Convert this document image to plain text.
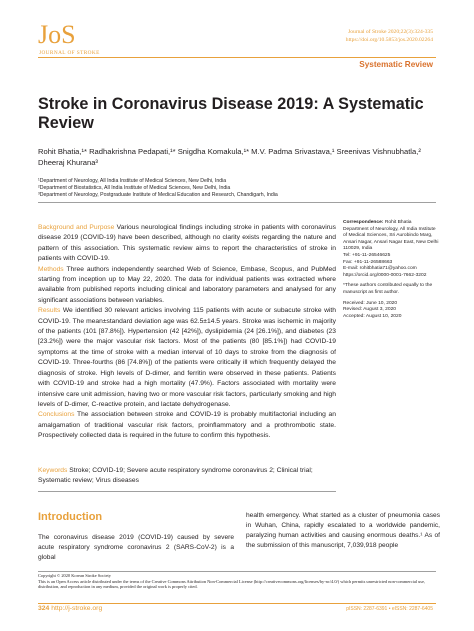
JoS
JOURNAL OF STROKE
Journal of Stroke 2020;22(3):324-335
https://doi.org/10.5853/jos.2020.02264
Systematic Review
Stroke in Coronavirus Disease 2019: A Systematic Review
Rohit Bhatia,¹* Radhakrishna Pedapati,¹* Snigdha Komakula,¹* M.V. Padma Srivastava,¹ Sreenivas Vishnubhatla,² Dheeraj Khurana³
¹Department of Neurology, All India Institute of Medical Sciences, New Delhi, India
²Department of Biostatistics, All India Institute of Medical Sciences, New Delhi, India
³Department of Neurology, Postgraduate Institute of Medical Education and Research, Chandigarh, India

Background and Purpose Various neurological findings including stroke in patients with coronavirus disease 2019 (COVID-19) have been described, although no clarity exists regarding the nature and pattern of this association. This systematic review aims to report the characteristics of stroke in patients with COVID-19.

Methods Three authors independently searched Web of Science, Embase, Scopus, and PubMed starting from inception up to May 22, 2020. The data for individual patients was extracted where available from published reports including clinical and laboratory parameters and analysed for any significant associations between variables.

Results We identified 30 relevant articles involving 115 patients with acute or subacute stroke with COVID-19. The mean±standard deviation age was 62.5±14.5 years. Stroke was ischemic in majority of the patients (101 [87.8%]). Hypertension (42 [42%]), dyslipidemia (24 [26.1%]), and diabetes (23 [23.2%]) were the major vascular risk factors. Most of the patients (80 [85.1%]) had COVID-19 symptoms at the time of stroke with a median interval of 10 days to stroke from the diagnosis of COVID-19. Three-fourths (86 [74.8%]) of the patients were critically ill which frequently delayed the diagnosis of stroke. High levels of D-dimer, and ferritin were observed in these patients. Patients with COVID-19 and stroke had a high mortality (47.9%). Factors associated with mortality were intensive care unit admission, having two or more vascular risk factors, particularly smoking and high levels of D-dimer, C-reactive protein, and lactate dehydrogenase.

Conclusions The association between stroke and COVID-19 is probably multifactorial including an amalgamation of traditional vascular risk factors, proinflammatory and a prothrombotic state. Prospectively collected data is required in the future to confirm this hypothesis.

Keywords Stroke; COVID-19; Severe acute respiratory syndrome coronavirus 2; Clinical trial; Systematic review; Virus diseases

Correspondence: Rohit Bhatia
Department of Neurology, All India Institute of Medical Sciences, Sri Aurobindo Marg, Ansari Nagar, Ansari Nagar East, New Delhi 110029, India
Tel: +91-11-26546625
Fax: +91-11-26588663
E-mail: rohitbhatia71@yahoo.com
https://orcid.org/0000-0001-7662-3202

*These authors contributed equally to the manuscript as first author.

Received: June 10, 2020
Revised: August 3, 2020
Accepted: August 10, 2020

Introduction
The coronavirus disease 2019 (COVID-19) caused by severe acute respiratory syndrome coronavirus 2 (SARS-CoV-2) is a global
health emergency. What started as a cluster of pneumonia cases in Wuhan, China, rapidly escalated to a worldwide pandemic, paralyzing human activities and causing enormous deaths.¹ As of the submission of this manuscript, 7,039,918 people
Copyright © 2020 Korean Stroke Society
This is an Open Access article distributed under the terms of the Creative Commons Attribution Non-Commercial License (http://creativecommons.org/licenses/by-nc/4.0/) which permits unrestricted non-commercial use, distribution, and reproduction in any medium, provided the original work is properly cited.
324 http://j-stroke.org	pISSN: 2287-6391 • eISSN: 2287-6405
